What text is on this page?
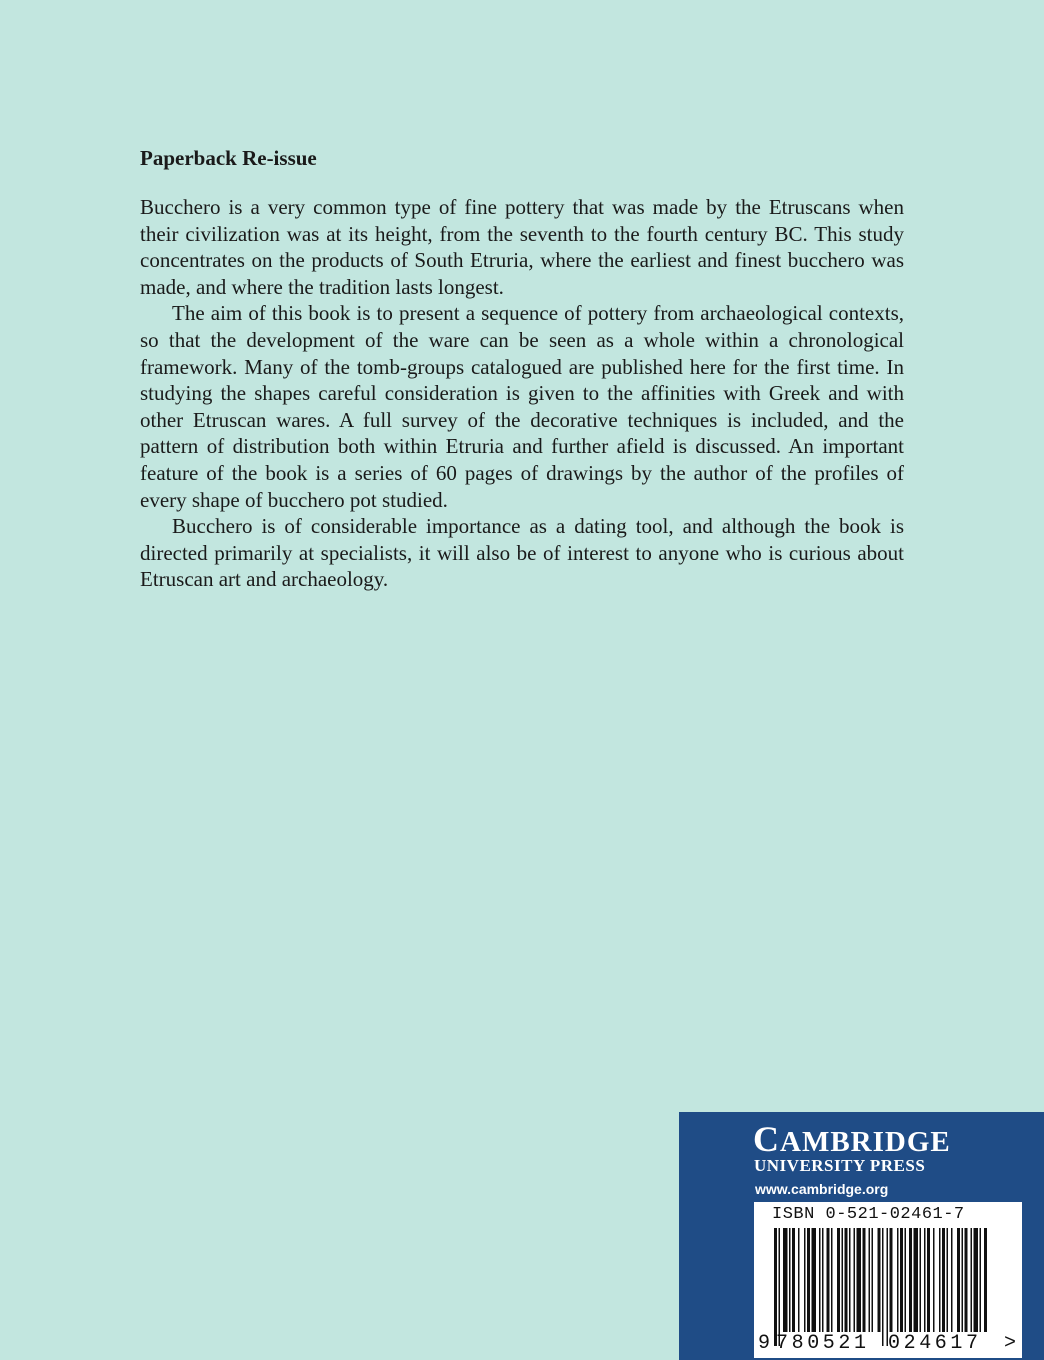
Paperback Re-issue

Bucchero is a very common type of fine pottery that was made by the Etruscans when their civilization was at its height, from the seventh to the fourth century BC. This study concentrates on the products of South Etruria, where the earliest and finest bucchero was made, and where the tradition lasts longest.

The aim of this book is to present a sequence of pottery from archaeological contexts, so that the development of the ware can be seen as a whole within a chronological framework. Many of the tomb-groups catalogued are published here for the first time. In studying the shapes careful consideration is given to the affinities with Greek and with other Etruscan wares. A full survey of the decorative techniques is included, and the pattern of distribution both within Etruria and further afield is discussed. An important feature of the book is a series of 60 pages of drawings by the author of the profiles of every shape of bucchero pot studied.

Bucchero is of considerable importance as a dating tool, and although the book is directed primarily at specialists, it will also be of interest to anyone who is curious about Etruscan art and archaeology.

CAMBRIDGE
UNIVERSITY PRESS
www.cambridge.org
ISBN 0-521-02461-7
9 780521 024617 >
